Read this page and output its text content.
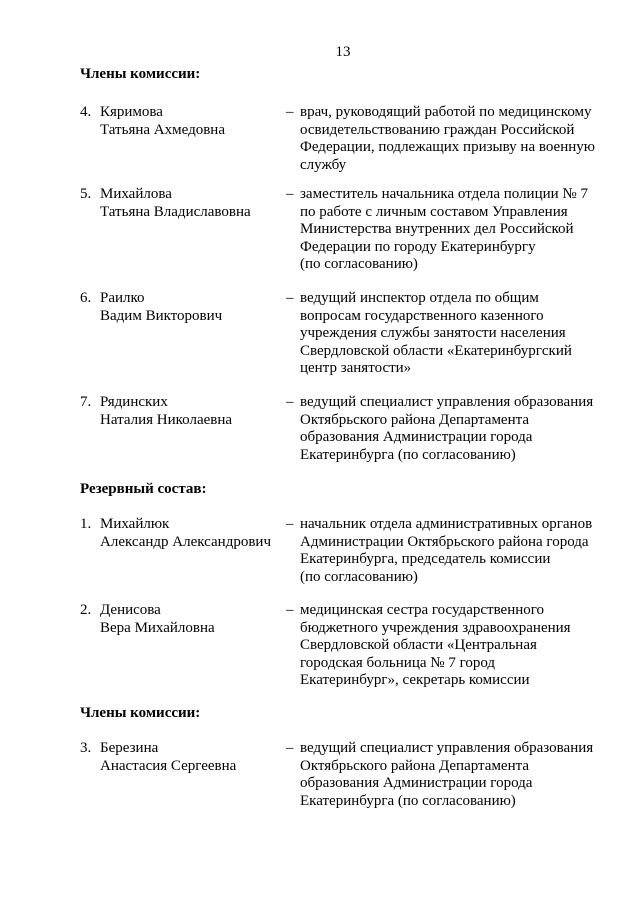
13
Члены комиссии:
4. Кяримова
Татьяна Ахмедовна
– врач, руководящий работой по медицинскому
освидетельствованию граждан Российской
Федерации, подлежащих призыву на военную
службу
5. Михайлова
Татьяна Владиславовна
– заместитель начальника отдела полиции № 7
по работе с личным составом Управления
Министерства внутренних дел Российской
Федерации по городу Екатеринбургу
(по согласованию)
6. Раилко
Вадим Викторович
– ведущий инспектор отдела по общим
вопросам государственного казенного
учреждения службы занятости населения
Свердловской области «Екатеринбургский
центр занятости»
7. Рядинских
Наталия Николаевна
– ведущий специалист управления образования
Октябрьского района Департамента
образования Администрации города
Екатеринбурга (по согласованию)
Резервный состав:
1. Михайлюк
Александр Александрович
– начальник отдела административных органов
Администрации Октябрьского района города
Екатеринбурга, председатель комиссии
(по согласованию)
2. Денисова
Вера Михайловна
– медицинская сестра государственного
бюджетного учреждения здравоохранения
Свердловской области «Центральная
городская больница № 7 город
Екатеринбург», секретарь комиссии
Члены комиссии:
3. Березина
Анастасия Сергеевна
– ведущий специалист управления образования
Октябрьского района Департамента
образования Администрации города
Екатеринбурга (по согласованию)
